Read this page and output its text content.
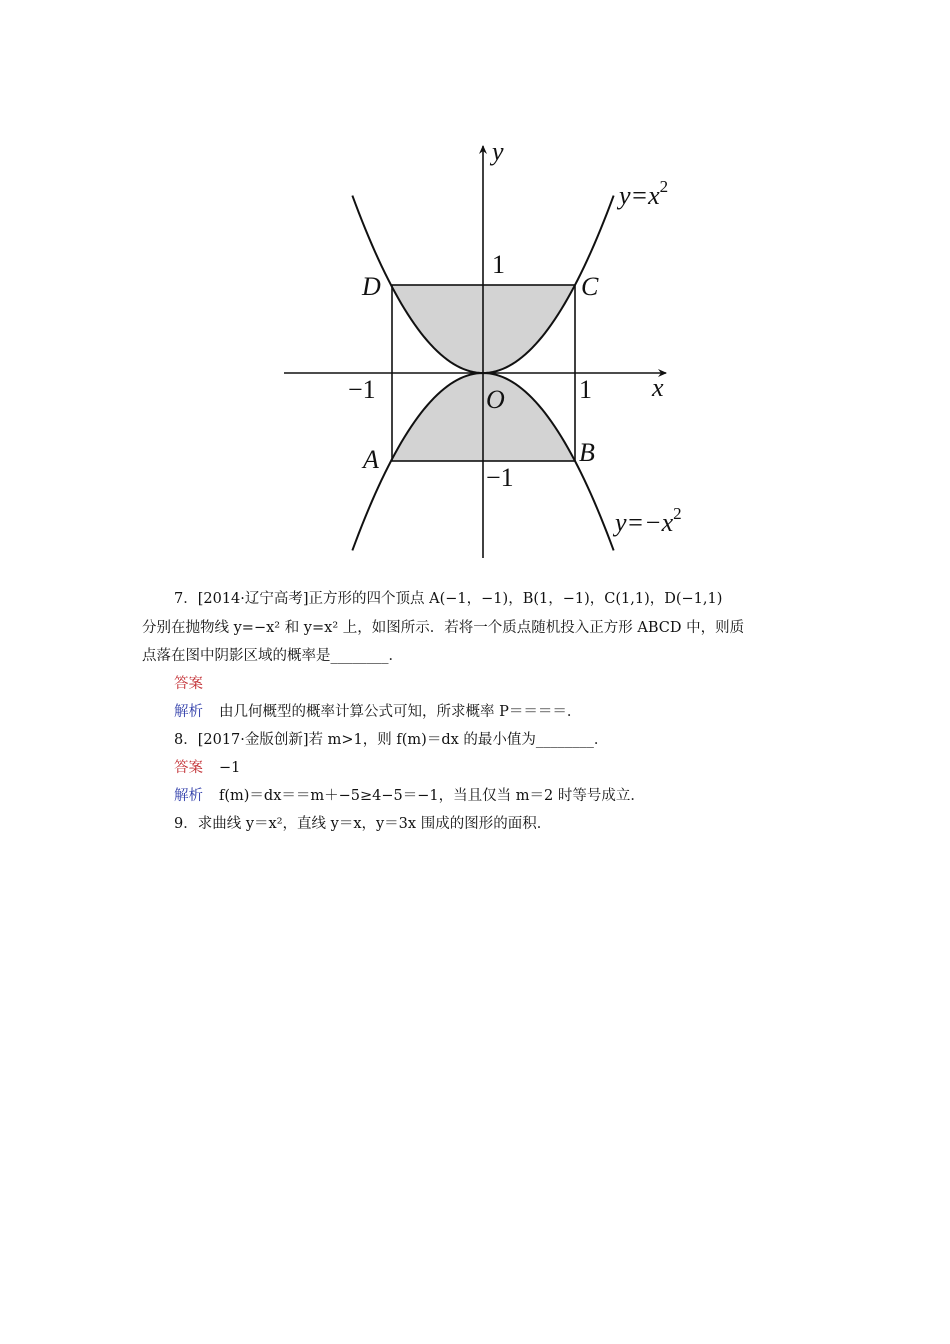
y
x
O	1
−1
1
−1
D	C
A	B
$y=x^2$
$y=-x^2$
7．[2014·辽宁高考]正方形的四个顶点 A(−1，−1)，B(1，−1)，C(1,1)，D(−1,1)
分别在抛物线 y=−x² 和 y=x² 上，如图所示．若将一个质点随机投入正方形 ABCD 中，则质
点落在图中阴影区域的概率是________．
答案
解析 由几何概型的概率计算公式可知，所求概率 P＝＝＝＝．
8．[2017·金版创新]若 m>1，则 f(m)＝dx 的最小值为________．
答案 −1
解析 f(m)＝dx＝＝m＋−5≥4−5＝−1，当且仅当 m＝2 时等号成立．
9．求曲线 y＝x²，直线 y＝x，y＝3x 围成的图形的面积．
